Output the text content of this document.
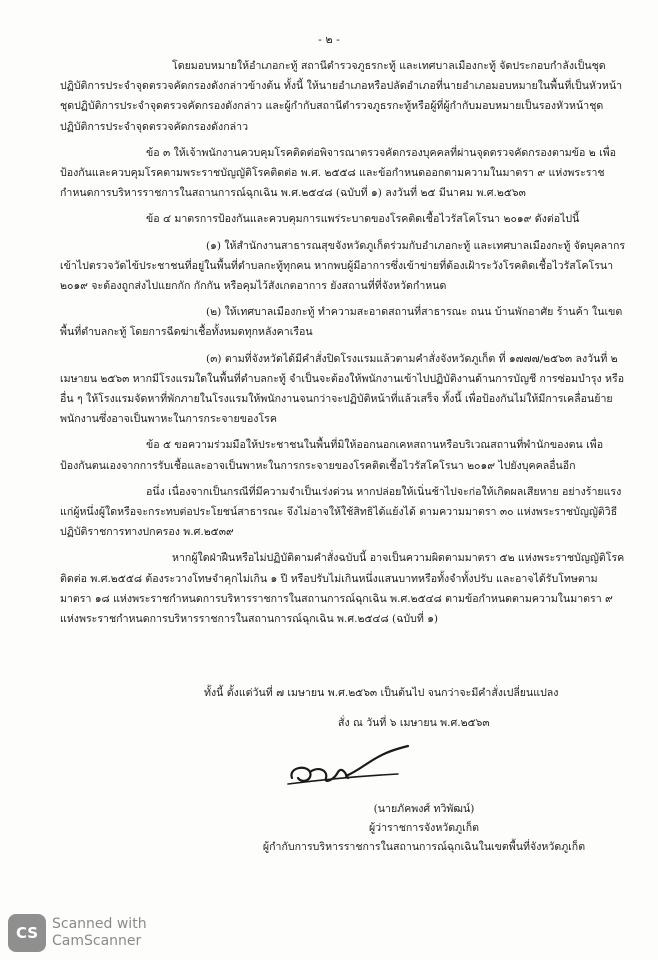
- ๒ -

โดยมอบหมายให้อำเภอกะทู้ สถานีตำรวจภูธรกะทู้ และเทศบาลเมืองกะทู้ จัดประกอบกำลังเป็นชุดปฏิบัติการประจำจุดตรวจคัดกรองดังกล่าวข้างต้น ทั้งนี้ ให้นายอำเภอหรือปลัดอำเภอที่นายอำเภอมอบหมายในพื้นที่เป็นหัวหน้าชุดปฏิบัติการประจำจุดตรวจคัดกรองดังกล่าว และผู้กำกับสถานีตำรวจภูธรกะทู้หรือผู้ที่ผู้กำกับมอบหมายเป็นรองหัวหน้าชุดปฏิบัติการประจำจุดตรวจคัดกรองดังกล่าว

ข้อ ๓ ให้เจ้าพนักงานควบคุมโรคติดต่อพิจารณาตรวจคัดกรองบุคคลที่ผ่านจุดตรวจคัดกรองตามข้อ ๒ เพื่อป้องกันและควบคุมโรคตามพระราชบัญญัติโรคติดต่อ พ.ศ. ๒๕๕๘ และข้อกำหนดออกตามความในมาตรา ๙ แห่งพระราชกำหนดการบริหารราชการในสถานการณ์ฉุกเฉิน พ.ศ.๒๕๔๘ (ฉบับที่ ๑) ลงวันที่ ๒๕ มีนาคม พ.ศ.๒๕๖๓

ข้อ ๔ มาตรการป้องกันและควบคุมการแพร่ระบาดของโรคติดเชื้อไวรัสโคโรนา ๒๐๑๙ ดังต่อไปนี้

(๑) ให้สำนักงานสาธารณสุขจังหวัดภูเก็ตร่วมกับอำเภอกะทู้ และเทศบาลเมืองกะทู้ จัดบุคลากรเข้าไปตรวจวัดไข้ประชาชนที่อยู่ในพื้นที่ตำบลกะทู้ทุกคน หากพบผู้มีอาการซึ่งเข้าข่ายที่ต้องเฝ้าระวังโรคติดเชื้อไวรัสโคโรนา ๒๐๑๙ จะต้องถูกส่งไปแยกกัก กักกัน หรือคุมไว้สังเกตอาการ ยังสถานที่ที่จังหวัดกำหนด

(๒) ให้เทศบาลเมืองกะทู้ ทำความสะอาดสถานที่สาธารณะ ถนน บ้านพักอาศัย ร้านค้า ในเขตพื้นที่ตำบลกะทู้ โดยการฉีดฆ่าเชื้อทั้งหมดทุกหลังคาเรือน

(๓) ตามที่จังหวัดได้มีคำสั่งปิดโรงแรมแล้วตามคำสั่งจังหวัดภูเก็ต ที่ ๑๗๗๗/๒๕๖๓ ลงวันที่ ๒ เมษายน ๒๕๖๓ หากมีโรงแรมใดในพื้นที่ตำบลกะทู้ จำเป็นจะต้องให้พนักงานเข้าไปปฏิบัติงานด้านการบัญชี การซ่อมบำรุง หรืออื่น ๆ ให้โรงแรมจัดหาที่พักภายในโรงแรมให้พนักงานจนกว่าจะปฏิบัติหน้าที่แล้วเสร็จ ทั้งนี้ เพื่อป้องกันไม่ให้มีการเคลื่อนย้ายพนักงานซึ่งอาจเป็นพาหะในการกระจายของโรค

ข้อ ๕ ขอความร่วมมือให้ประชาชนในพื้นที่มิให้ออกนอกเคหสถานหรือบริเวณสถานที่พำนักของตน เพื่อป้องกันตนเองจากการรับเชื้อและอาจเป็นพาหะในการกระจายของโรคติดเชื้อไวรัสโคโรนา ๒๐๑๙ ไปยังบุคคลอื่นอีก

อนึ่ง เนื่องจากเป็นกรณีที่มีความจำเป็นเร่งด่วน หากปล่อยให้เนิ่นช้าไปจะก่อให้เกิดผลเสียหาย อย่างร้ายแรงแก่ผู้หนึ่งผู้ใดหรือจะกระทบต่อประโยชน์สาธารณะ จึงไม่อาจให้ใช้สิทธิได้แย้งได้ ตามความมาตรา ๓๐ แห่งพระราชบัญญัติวิธีปฏิบัติราชการทางปกครอง พ.ศ.๒๕๓๙

หากผู้ใดฝ่าฝืนหรือไม่ปฏิบัติตามคำสั่งฉบับนี้ อาจเป็นความผิดตามมาตรา ๕๒ แห่งพระราชบัญญัติโรคติดต่อ พ.ศ.๒๕๕๘ ต้องระวางโทษจำคุกไม่เกิน ๑ ปี หรือปรับไม่เกินหนึ่งแสนบาทหรือทั้งจำทั้งปรับ และอาจได้รับโทษตามมาตรา ๑๘ แห่งพระราชกำหนดการบริหารราชการในสถานการณ์ฉุกเฉิน พ.ศ.๒๕๔๘ ตามข้อกำหนดตามความในมาตรา ๙ แห่งพระราชกำหนดการบริหารราชการในสถานการณ์ฉุกเฉิน พ.ศ.๒๕๔๘ (ฉบับที่ ๑)

ทั้งนี้ ตั้งแต่วันที่ ๗ เมษายน พ.ศ.๒๕๖๓ เป็นต้นไป จนกว่าจะมีคำสั่งเปลี่ยนแปลง
สั่ง ณ วันที่ ๖ เมษายน พ.ศ.๒๕๖๓
(นายภัคพงศ์ ทวิพัฒน์)
ผู้ว่าราชการจังหวัดภูเก็ต
ผู้กำกับการบริหารราชการในสถานการณ์ฉุกเฉินในเขตพื้นที่จังหวัดภูเก็ต
CS Scanned with
CamScanner
